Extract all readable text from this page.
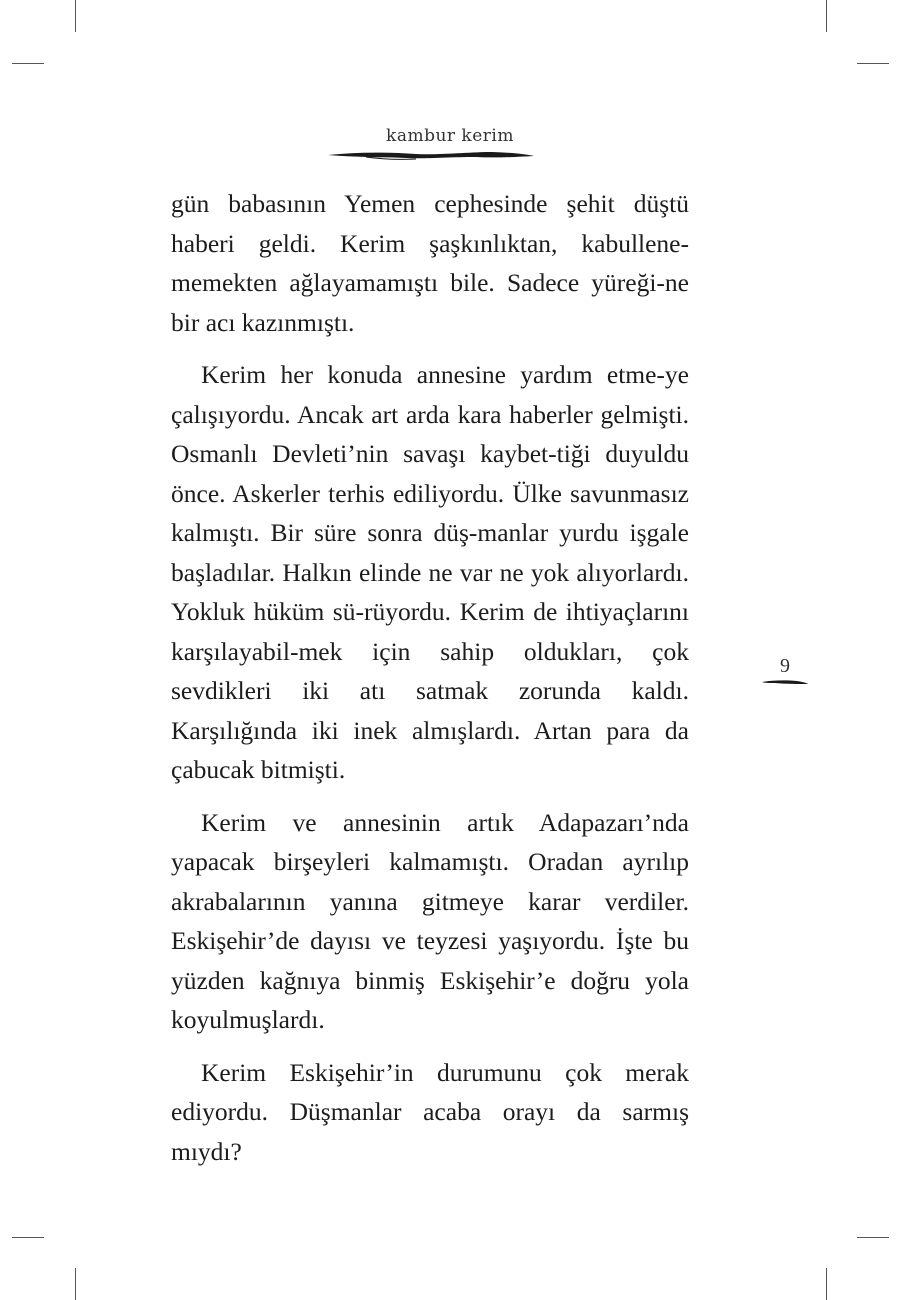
kambur kerim

gün babasının Yemen cephesinde şehit düştü haberi geldi. Kerim şaşkınlıktan, kabullene-memekten ağlayamamıştı bile. Sadece yüreği-ne bir acı kazınmıştı.

Kerim her konuda annesine yardım etme-ye çalışıyordu. Ancak art arda kara haberler gelmişti. Osmanlı Devleti’nin savaşı kaybet-tiği duyuldu önce. Askerler terhis ediliyordu. Ülke savunmasız kalmıştı. Bir süre sonra düş-manlar yurdu işgale başladılar. Halkın elinde ne var ne yok alıyorlardı. Yokluk hüküm sü-rüyordu. Kerim de ihtiyaçlarını karşılayabil-mek için sahip oldukları, çok sevdikleri iki atı satmak zorunda kaldı. Karşılığında iki inek almışlardı. Artan para da çabucak bitmişti.

Kerim ve annesinin artık Adapazarı’nda yapacak birşeyleri kalmamıştı. Oradan ayrılıp akrabalarının yanına gitmeye karar verdiler. Eskişehir’de dayısı ve teyzesi yaşıyordu. İşte bu yüzden kağnıya binmiş Eskişehir’e doğru yola koyulmuşlardı.

Kerim Eskişehir’in durumunu çok merak ediyordu. Düşmanlar acaba orayı da sarmış mıydı?

9
